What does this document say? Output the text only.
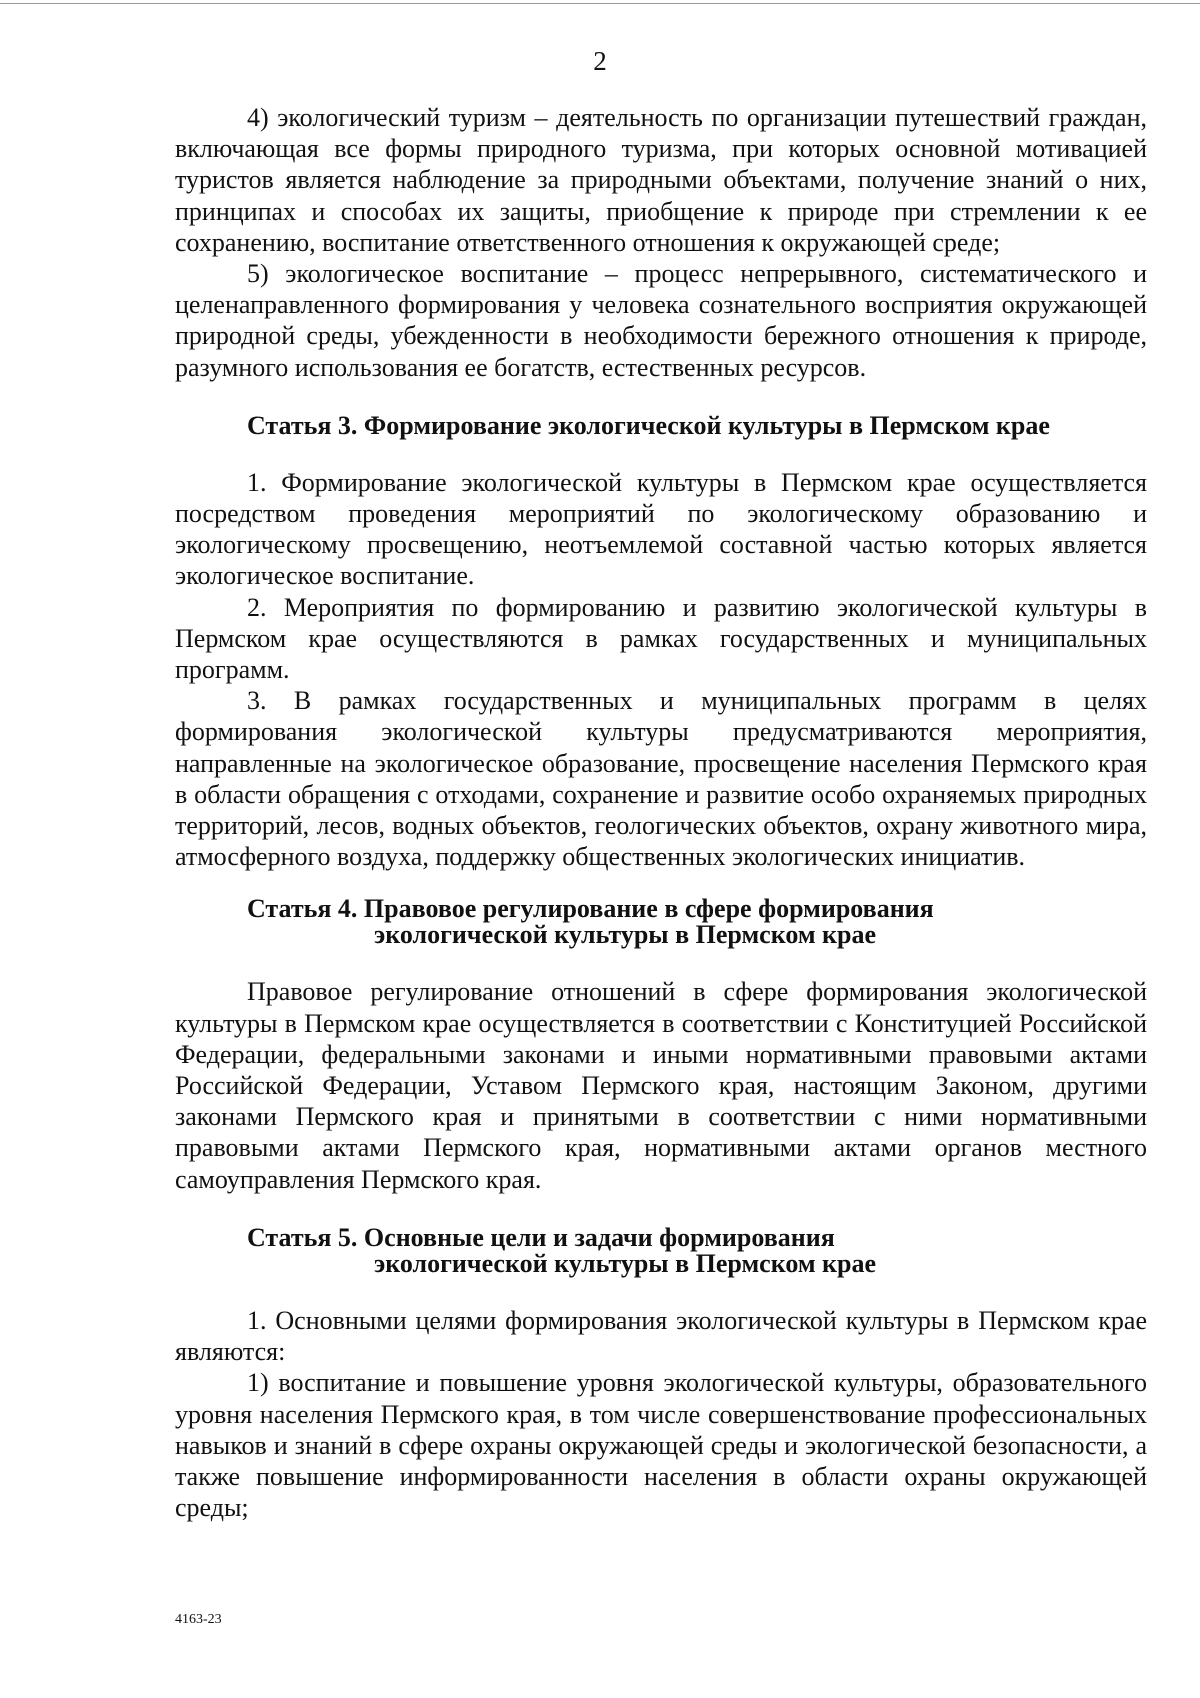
2

4) экологический туризм – деятельность по организации путешествий граждан, включающая все формы природного туризма, при которых основной мотивацией туристов является наблюдение за природными объектами, получение знаний о них, принципах и способах их защиты, приобщение к природе при стремлении к ее сохранению, воспитание ответственного отношения к окружающей среде;

5) экологическое воспитание – процесс непрерывного, систематического и целенаправленного формирования у человека сознательного восприятия окружающей природной среды, убежденности в необходимости бережного отношения к природе, разумного использования ее богатств, естественных ресурсов.

Статья 3. Формирование экологической культуры в Пермском крае

1. Формирование экологической культуры в Пермском крае осуществляется посредством проведения мероприятий по экологическому образованию и экологическому просвещению, неотъемлемой составной частью которых является экологическое воспитание.

2. Мероприятия по формированию и развитию экологической культуры в Пермском крае осуществляются в рамках государственных и муниципальных программ.

3. В рамках государственных и муниципальных программ в целях формирования экологической культуры предусматриваются мероприятия, направленные на экологическое образование, просвещение населения Пермского края в области обращения с отходами, сохранение и развитие особо охраняемых природных территорий, лесов, водных объектов, геологических объектов, охрану животного мира, атмосферного воздуха, поддержку общественных экологических инициатив.

Статья 4. Правовое регулирование в сфере формирования
экологической культуры в Пермском крае

Правовое регулирование отношений в сфере формирования экологической культуры в Пермском крае осуществляется в соответствии с Конституцией Российской Федерации, федеральными законами и иными нормативными правовыми актами Российской Федерации, Уставом Пермского края, настоящим Законом, другими законами Пермского края и принятыми в соответствии с ними нормативными правовыми актами Пермского края, нормативными актами органов местного самоуправления Пермского края.

Статья 5. Основные цели и задачи формирования
экологической культуры в Пермском крае

1. Основными целями формирования экологической культуры в Пермском крае являются:

1) воспитание и повышение уровня экологической культуры, образовательного уровня населения Пермского края, в том числе совершенствование профессиональных навыков и знаний в сфере охраны окружающей среды и экологической безопасности, а также повышение информированности населения в области охраны окружающей среды;

4163-23
